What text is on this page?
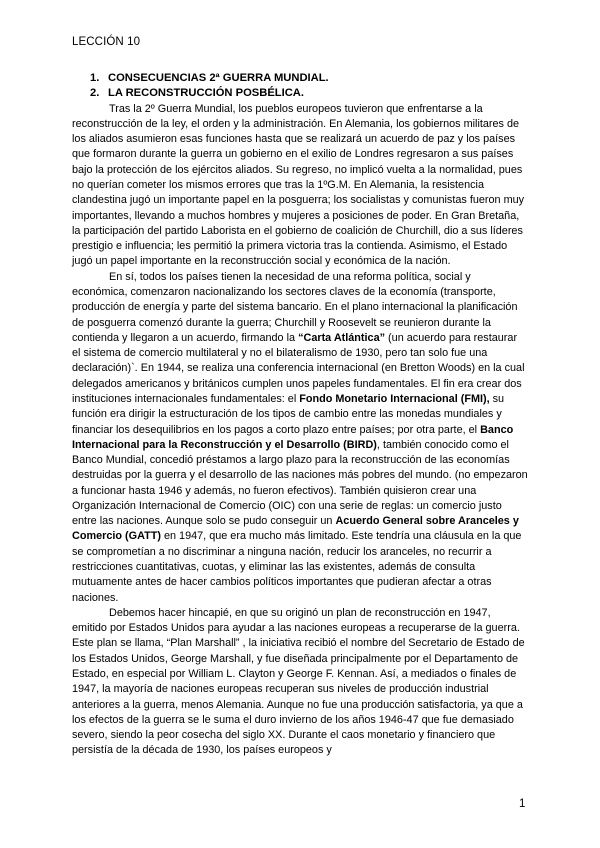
LECCIÓN 10
1. CONSECUENCIAS 2ª GUERRA MUNDIAL.
2. LA RECONSTRUCCIÓN POSBÉLICA.

Tras la 2º Guerra Mundial, los pueblos europeos tuvieron que enfrentarse a la reconstrucción de la ley, el orden y la administración. En Alemania, los gobiernos militares de los aliados asumieron esas funciones hasta que se realizará un acuerdo de paz y los países que formaron durante la guerra un gobierno en el exilio de Londres regresaron a sus países bajo la protección de los ejércitos aliados. Su regreso, no implicó vuelta a la normalidad, pues no querían cometer los mismos errores que tras la 1ºG.M. En Alemania, la resistencia clandestina jugó un importante papel en la posguerra; los socialistas y comunistas fueron muy importantes, llevando a muchos hombres y mujeres a posiciones de poder. En Gran Bretaña, la participación del partido Laborista en el gobierno de coalición de Churchill, dio a sus líderes prestigio e influencia; les permitió la primera victoria tras la contienda. Asimismo, el Estado jugó un papel importante en la reconstrucción social y económica de la nación.

En sí, todos los países tienen la necesidad de una reforma política, social y económica, comenzaron nacionalizando los sectores claves de la economía (transporte, producción de energía y parte del sistema bancario. En el plano internacional la planificación de posguerra comenzó durante la guerra; Churchill y Roosevelt se reunieron durante la contienda y llegaron a un acuerdo, firmando la “Carta Atlántica” (un acuerdo para restaurar el sistema de comercio multilateral y no el bilateralismo de 1930, pero tan solo fue una declaración)`. En 1944, se realiza una conferencia internacional (en Bretton Woods) en la cual delegados americanos y británicos cumplen unos papeles fundamentales. El fin era crear dos instituciones internacionales fundamentales: el Fondo Monetario Internacional (FMI), su función era dirigir la estructuración de los tipos de cambio entre las monedas mundiales y financiar los desequilibrios en los pagos a corto plazo entre países; por otra parte, el Banco Internacional para la Reconstrucción y el Desarrollo (BIRD), también conocido como el Banco Mundial, concedió préstamos a largo plazo para la reconstrucción de las economías destruidas por la guerra y el desarrollo de las naciones más pobres del mundo. (no empezaron a funcionar hasta 1946 y además, no fueron efectivos). También quisieron crear una Organización Internacional de Comercio (OIC) con una serie de reglas: un comercio justo entre las naciones. Aunque solo se pudo conseguir un Acuerdo General sobre Aranceles y Comercio (GATT) en 1947, que era mucho más limitado. Este tendría una cláusula en la que se comprometían a no discriminar a ninguna nación, reducir los aranceles, no recurrir a restricciones cuantitativas, cuotas, y eliminar las las existentes, además de consulta mutuamente antes de hacer cambios políticos importantes que pudieran afectar a otras naciones.

Debemos hacer hincapié, en que su originó un plan de reconstrucción en 1947, emitido por Estados Unidos para ayudar a las naciones europeas a recuperarse de la guerra. Este plan se llama, “Plan Marshall” , la iniciativa recibió el nombre del Secretario de Estado de los Estados Unidos, George Marshall, y fue diseñada principalmente por el Departamento de Estado, en especial por William L. Clayton y George F. Kennan. Así, a mediados o finales de 1947, la mayoría de naciones europeas recuperan sus niveles de producción industrial anteriores a la guerra, menos Alemania. Aunque no fue una producción satisfactoria, ya que a los efectos de la guerra se le suma el duro invierno de los años 1946-47 que fue demasiado severo, siendo la peor cosecha del siglo XX. Durante el caos monetario y financiero que persistía de la década de 1930, los países europeos y

1
